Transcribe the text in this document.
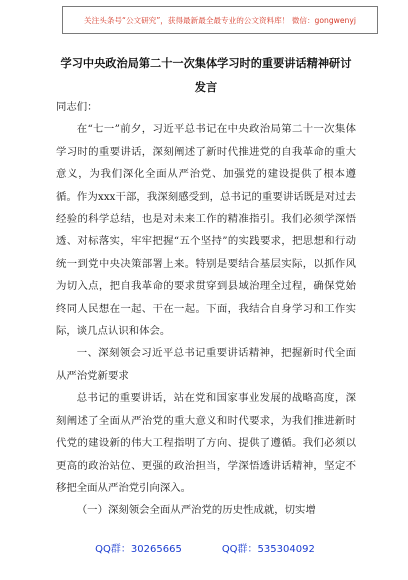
关注头条号“公文研究”，获得最新最全最专业的公文资料库！ 微信：gongwenyj
学习中央政治局第二十一次集体学习时的重要讲话精神研讨发言

同志们：

在“七一”前夕，习近平总书记在中央政治局第二十一次集体学习时的重要讲话，深刻阐述了新时代推进党的自我革命的重大意义，为我们深化全面从严治党、加强党的建设提供了根本遵循。作为xxx干部，我深刻感受到，总书记的重要讲话既是对过去经验的科学总结，也是对未来工作的精准指引。我们必须学深悟透、对标落实，牢牢把握“五个坚持”的实践要求，把思想和行动统一到党中央决策部署上来。特别是要结合基层实际，以抓作风为切入点，把自我革命的要求贯穿到县域治理全过程，确保党始终同人民想在一起、干在一起。下面，我结合自身学习和工作实际，谈几点认识和体会。

一、深刻领会习近平总书记重要讲话精神，把握新时代全面从严治党新要求

总书记的重要讲话，站在党和国家事业发展的战略高度，深刻阐述了全面从严治党的重大意义和时代要求，为我们推进新时代党的建设新的伟大工程指明了方向、提供了遵循。我们必须以更高的政治站位、更强的政治担当，学深悟透讲话精神，坚定不移把全面从严治党引向深入。

（一）深刻领会全面从严治党的历史性成就，切实增

QQ群：30265665	QQ群：535304092
